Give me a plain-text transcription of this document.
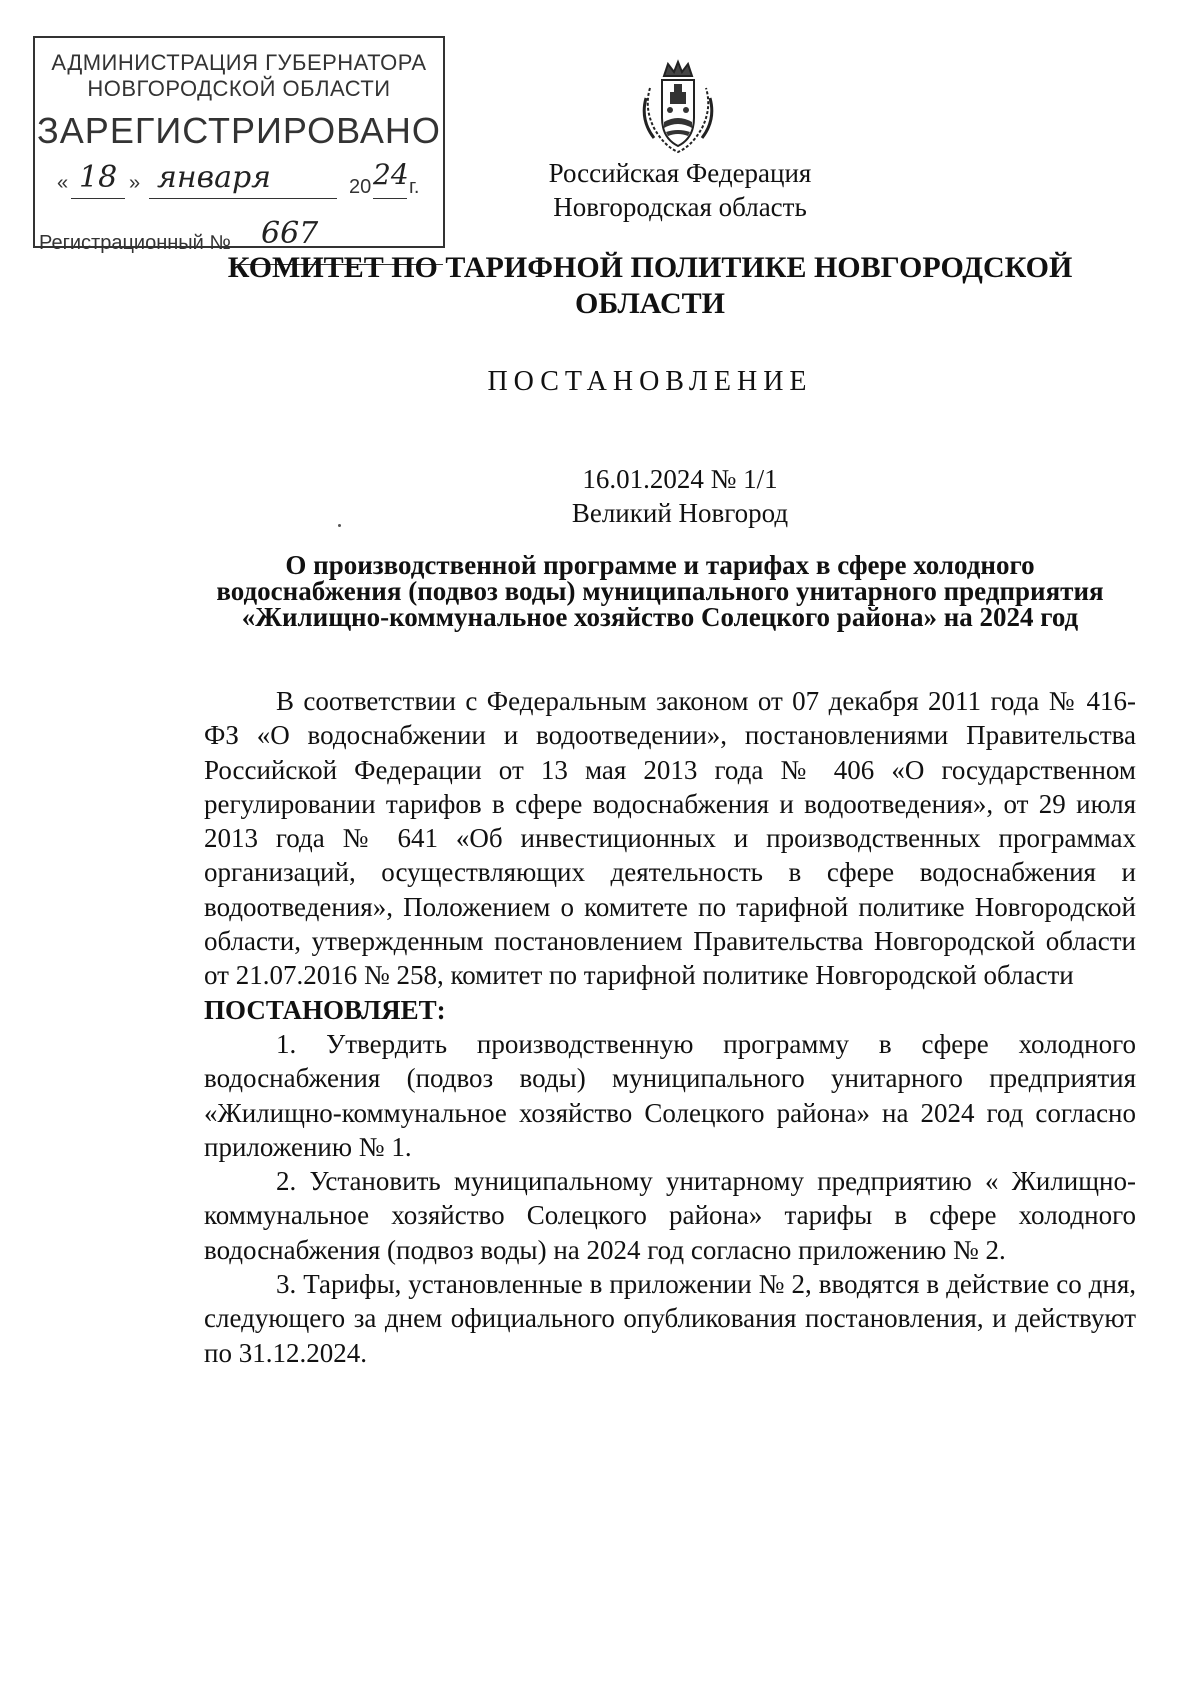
АДМИНИСТРАЦИЯ ГУБЕРНАТОРА
НОВГОРОДСКОЙ ОБЛАСТИ
ЗАРЕГИСТРИРОВАНО
« 18 » января	20 24 г.
Регистрационный № 667
Российская Федерация
Новгородская область
КОМИТЕТ ПО ТАРИФНОЙ ПОЛИТИКЕ НОВГОРОДСКОЙ
ОБЛАСТИ
ПОСТАНОВЛЕНИЕ
16.01.2024 № 1/1
Великий Новгород
О производственной программе и тарифах в сфере холодного
водоснабжения (подвоз воды) муниципального унитарного предприятия
«Жилищно-коммунальное хозяйство Солецкого района» на 2024 год

В соответствии с Федеральным законом от 07 декабря 2011 года № 416-ФЗ «О водоснабжении и водоотведении», постановлениями Правительства Российской Федерации от 13 мая 2013 года № 406 «О государственном регулировании тарифов в сфере водоснабжения и водоотведения», от 29 июля 2013 года № 641 «Об инвестиционных и производственных программах организаций, осуществляющих деятельность в сфере водоснабжения и водоотведения», Положением о комитете по тарифной политике Новгородской области, утвержденным постановлением Правительства Новгородской области от 21.07.2016 № 258, комитет по тарифной политике Новгородской области

ПОСТАНОВЛЯЕТ:

1. Утвердить производственную программу в сфере холодного водоснабжения (подвоз воды) муниципального унитарного предприятия «Жилищно-коммунальное хозяйство Солецкого района» на 2024 год согласно приложению № 1.

2. Установить муниципальному унитарному предприятию « Жилищно-коммунальное хозяйство Солецкого района» тарифы в сфере холодного водоснабжения (подвоз воды) на 2024 год согласно приложению № 2.

3. Тарифы, установленные в приложении № 2, вводятся в действие со дня, следующего за днем официального опубликования постановления, и действуют по 31.12.2024.
